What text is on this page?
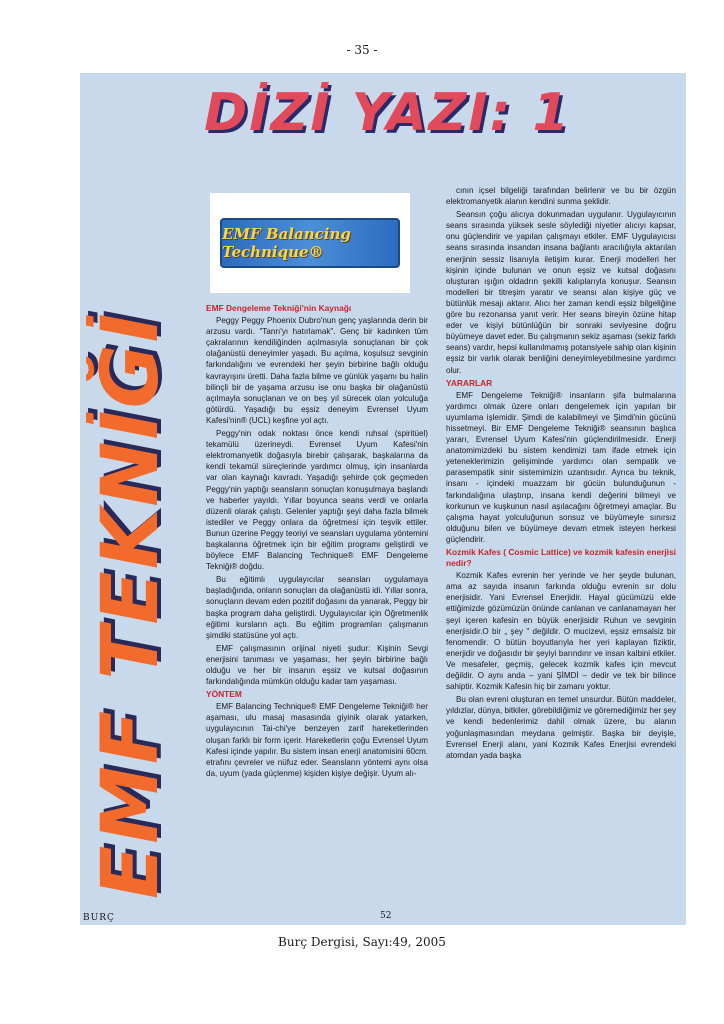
- 35 -
DİZİ YAZI: 1
EMF TEKNİĞİ
EMF Balancing Technique®
EMF Dengeleme Tekniği'nin Kaynağı

Peggy Peggy Phoenix Dubro'nun genç yaşlarında derin bir arzusu vardı. "Tanrı'yı hatırlamak". Genç bir kadınken tüm çakralarının kendiliğinden açılmasıyla sonuçlanan bir çok olağanüstü deneyimler yaşadı. Bu açılma, koşulsuz sevginin farkındalığını ve evrendeki her şeyin birbirine bağlı olduğu kavrayışını üretti. Daha fazla bilme ve günlük yaşamı bu halin bilinçli bir de yaşama arzusu ise onu başka bir olağanüstü açılmayla sonuçlanan ve on beş yıl sürecek olan yolculuğa götürdü. Yaşadığı bu eşsiz deneyim Evrensel Uyum Kafesi'nin® (UCL) keşfine yol açtı.

Peggy'nin odak noktası önce kendi ruhsal (spiritüel) tekamülü üzerineydi. Evrensel Uyum Kafesi'nin elektromanyetik doğasıyla birebir çalışarak, başkalarına da kendi tekamül süreçlerinde yardımcı olmuş, için insanlarda var olan kaynağı kavradı. Yaşadığı şehirde çok geçmeden Peggy'nin yaptığı seansların sonuçları konuşulmaya başlandı ve haberler yayıldı. Yıllar boyunca seans verdi ve onlarla düzenli olarak çalıştı. Gelenler yaptığı şeyi daha fazla bilmek istediler ve Peggy onlara da öğretmesi için teşvik ettiler. Bunun üzerine Peggy teoriyi ve seansları uygulama yöntemini başkalarına öğretmek için bir eğitim programı geliştirdi ve böylece EMF Balancing Technique® EMF Dengeleme Tekniği® doğdu.

Bu eğitimlı uygulayıcılar seansları uygulamaya başladığında, onların sonuçları da olağanüstü idi. Yıllar sonra, sonuçların devam eden pozitif doğasını da yanarak, Peggy bir başka program daha geliştirdi. Uygulayıcılar için Öğretmenlik eğitimi kursların açtı. Bu eğitim programları çalışmanın şimdiki statüsüne yol açtı.

EMF çalışmasının orijinal niyeti şudur: Kişinin Sevgi enerjisini tanıması ve yaşaması, her şeyin birbirine bağlı olduğu ve her bir insanın eşsiz ve kutsal doğasının farkındalığında mümkün olduğu kadar tam yaşaması.

YÖNTEM

EMF Balancing Technique® EMF Dengeleme Tekniği® her aşaması, ulu masaj masasında giyinik olarak yatarken, uygulayıcının Tai-chi'ye benzeyen zarif hareketlerinden oluşan farklı bir form içerir. Hareketlerin çoğu Evrensel Uyum Kafesi içinde yapılır. Bu sistem insan enerji anatomisini 60cm. etrafını çevreler ve nüfuz eder. Seansların yöntemi aynı olsa da, uyum (yada güçlenme) kişiden kişiye değişir. Uyum alı-

cının içsel bilgeliği tarafından belirlenir ve bu bir özgün elektromanyetik alanın kendini sunma şeklidir.

Seansın çoğu alıcıya dokunmadan uygulanır. Uygulayıcının seans sırasında yüksek sesle söylediği niyetler alıcıyı kapsar, onu güçlendirir ve yapılan çalışmayı etkiler. EMF Uygulayıcısı seans sırasında insandan insana bağlantı aracılığıyla aktarılan enerjinin sessiz lisanıyla iletişim kurar. Enerji modelleri her kişinin içinde bulunan ve onun eşsiz ve kutsal doğasını oluşturan ışığın oldadrın şekilli kalıplarıyla konuşur. Seansın modelleri bir titreşim yaratır ve seansı alan kişiye güç ve bütünlük mesajı aktarır. Alıcı her zaman kendi eşsiz bilgeliğine göre bu rezonansa yanıt verir. Her seans bireyin özüne hitap eder ve kişiyi bütünlüğün bir sonraki seviyesine doğru büyümeye davet eder. Bu çalışmanın sekiz aşaması (sekiz farklı seans) vardır, hepsi kullanılmamış potansiyele sahip olan kişinin eşsiz bir varlık olarak benliğini deneyimleyebilmesine yardımcı olur.

YARARLAR

EMF Dengeleme Tekniği® insanların şifa bulmalarına yardımcı olmak üzere onları dengelemek için yapılan bir uyumlama işlemidir. Şimdi de kalabilmeyi ve Şimdi'nin gücünü hissetmeyi. Bir EMF Dengeleme Tekniği® seansının başlıca yararı, Evrensel Uyum Kafesi'nin güçlendirilmesidir. Enerji anatomimizdeki bu sistem kendimizi tam ifade etmek için yeteneklerimizin gelişiminde yardımcı olan sempatik ve parasempatik sinir sistemimizin uzantısıdır. Ayrıca bu teknik, insanı - içindeki muazzam bir gücün bulunduğunun - farkındalığına ulaştırıp, insana kendi değerini bilmeyi ve korkunun ve kuşkunun nasıl aşılacağını öğretmeyi amaçlar. Bu çalışma hayat yolculuğunun sonsuz ve büyümeyle sınırsız olduğunu bilen ve büyümeye devam etmek isteyen herkesi güçlendirir.

Kozmik Kafes ( Cosmic Lattice) ve kozmik kafesin enerjisi nedir?

Kozmik Kafes evrenin her yerinde ve her şeyde bulunan, ama az sayıda insanın farkında olduğu evrenin sır dolu enerjisidir. Yani Evrensel Enerjidir. Hayal gücümüzü elde ettiğimizde gözümüzün önünde canlanan ve canlanamayan her şeyi içeren kafesin en büyük enerjisidir Ruhun ve sevginin enerjisidir.O bir „ şey " değildir. O mucizevi, eşsiz emsalsiz bir fenomendir. O bütün boyutlarıyla her yeri kaplayan fiziktir, enerjidir ve doğasıdır bir şeyiyi barındırır ve insan kalbini etkiler. Ve mesafeler, geçmiş, gelecek kozmik kafes için mevcut değildir. O aynı anda – yani ŞİMDİ – dedir ve tek bir bilince sahiptir. Kozmik Kafesin hiç bir zamanı yoktur.

Bu olan evreni oluşturan en temel unsurdur. Bütün maddeler, yıldızlar, dünya, bitkiler, görebildiğimiz ve göremediğimiz her şey ve kendi bedenlerimiz dahil olmak üzere, bu alanın yoğunlaşmasından meydana gelmiştir. Başka bir deyişle, Evrensel Enerji alanı, yani Kozmik Kafes Enerjisi evrendeki atomdan yada başka

52
BURÇ
Burç Dergisi, Sayı:49, 2005
